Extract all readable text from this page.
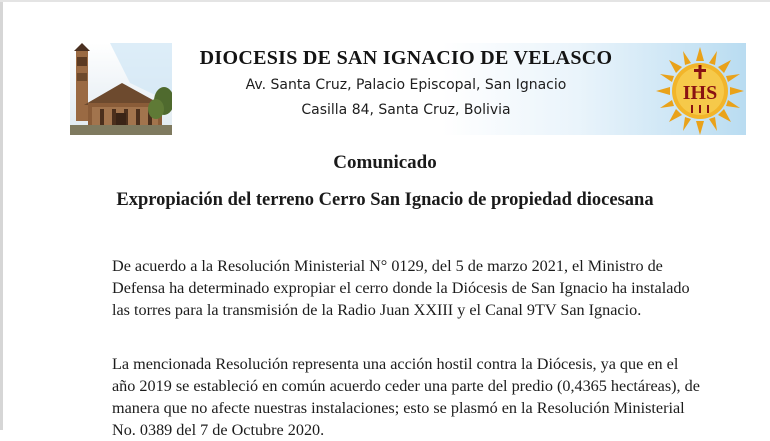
IHS
DIOCESIS DE SAN IGNACIO DE VELASCO
Av. Santa Cruz, Palacio Episcopal, San Ignacio
Casilla 84, Santa Cruz, Bolivia
Comunicado
Expropiación del terreno Cerro San Ignacio de propiedad diocesana

De acuerdo a la Resolución Ministerial N° 0129, del 5 de marzo 2021, el Ministro de Defensa ha determinado expropiar el cerro donde la Diócesis de San Ignacio ha instalado las torres para la transmisión de la Radio Juan XXIII y el Canal 9TV San Ignacio.

La mencionada Resolución representa una acción hostil contra la Diócesis, ya que en el año 2019 se estableció en común acuerdo ceder una parte del predio (0,4365 hectáreas), de manera que no afecte nuestras instalaciones; esto se plasmó en la Resolución Ministerial No. 0389 del 7 de Octubre 2020.
